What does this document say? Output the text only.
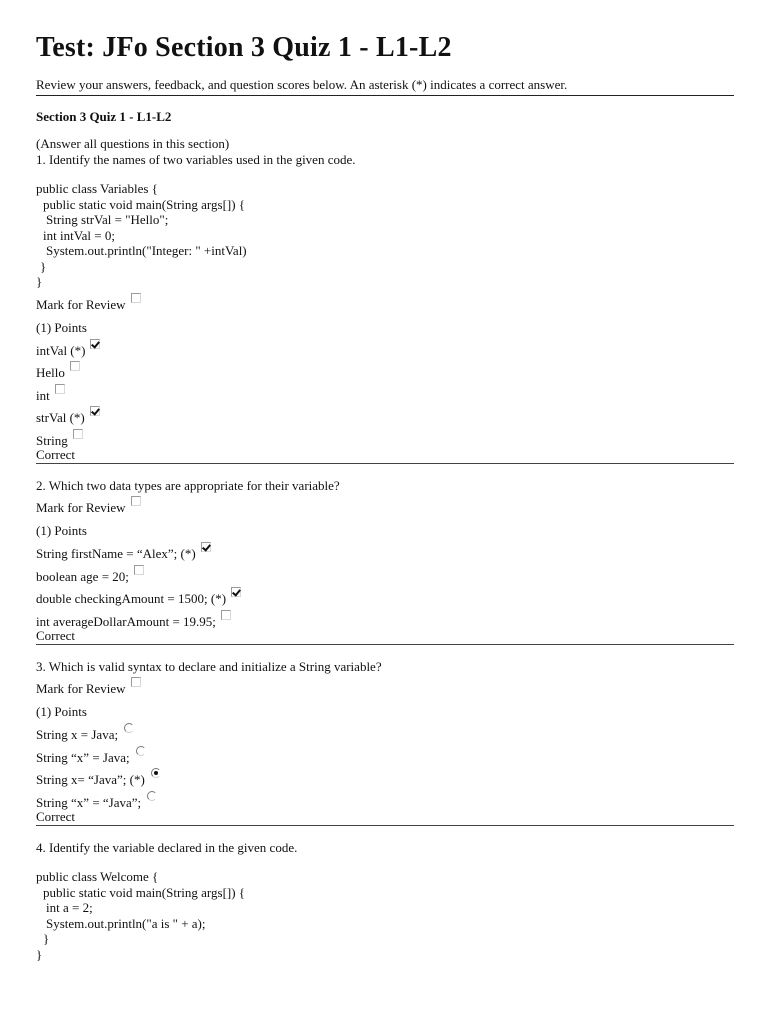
Test: JFo Section 3 Quiz 1 - L1-L2
Review your answers, feedback, and question scores below. An asterisk (*) indicates a correct answer.
Section 3 Quiz 1 - L1-L2
(Answer all questions in this section)
1. Identify the names of two variables used in the given code.
public class Variables {
public static void main(String args[]) {
String strVal = "Hello";
int intVal = 0;
System.out.println("Integer: " +intVal)
}
}
Mark for Review
(1) Points
intVal (*)
Hello
int
strVal (*)
String
Correct
2. Which two data types are appropriate for their variable?
Mark for Review
(1) Points
String firstName = “Alex”; (*)
boolean age = 20;
double checkingAmount = 1500; (*)
int averageDollarAmount = 19.95;
Correct
3. Which is valid syntax to declare and initialize a String variable?
Mark for Review
(1) Points
String x = Java;
String “x” = Java;
String x= “Java”; (*)
String “x” = “Java”;
Correct
4. Identify the variable declared in the given code.
public class Welcome {
public static void main(String args[]) {
int a = 2;
System.out.println("a is " + a);
}
}
